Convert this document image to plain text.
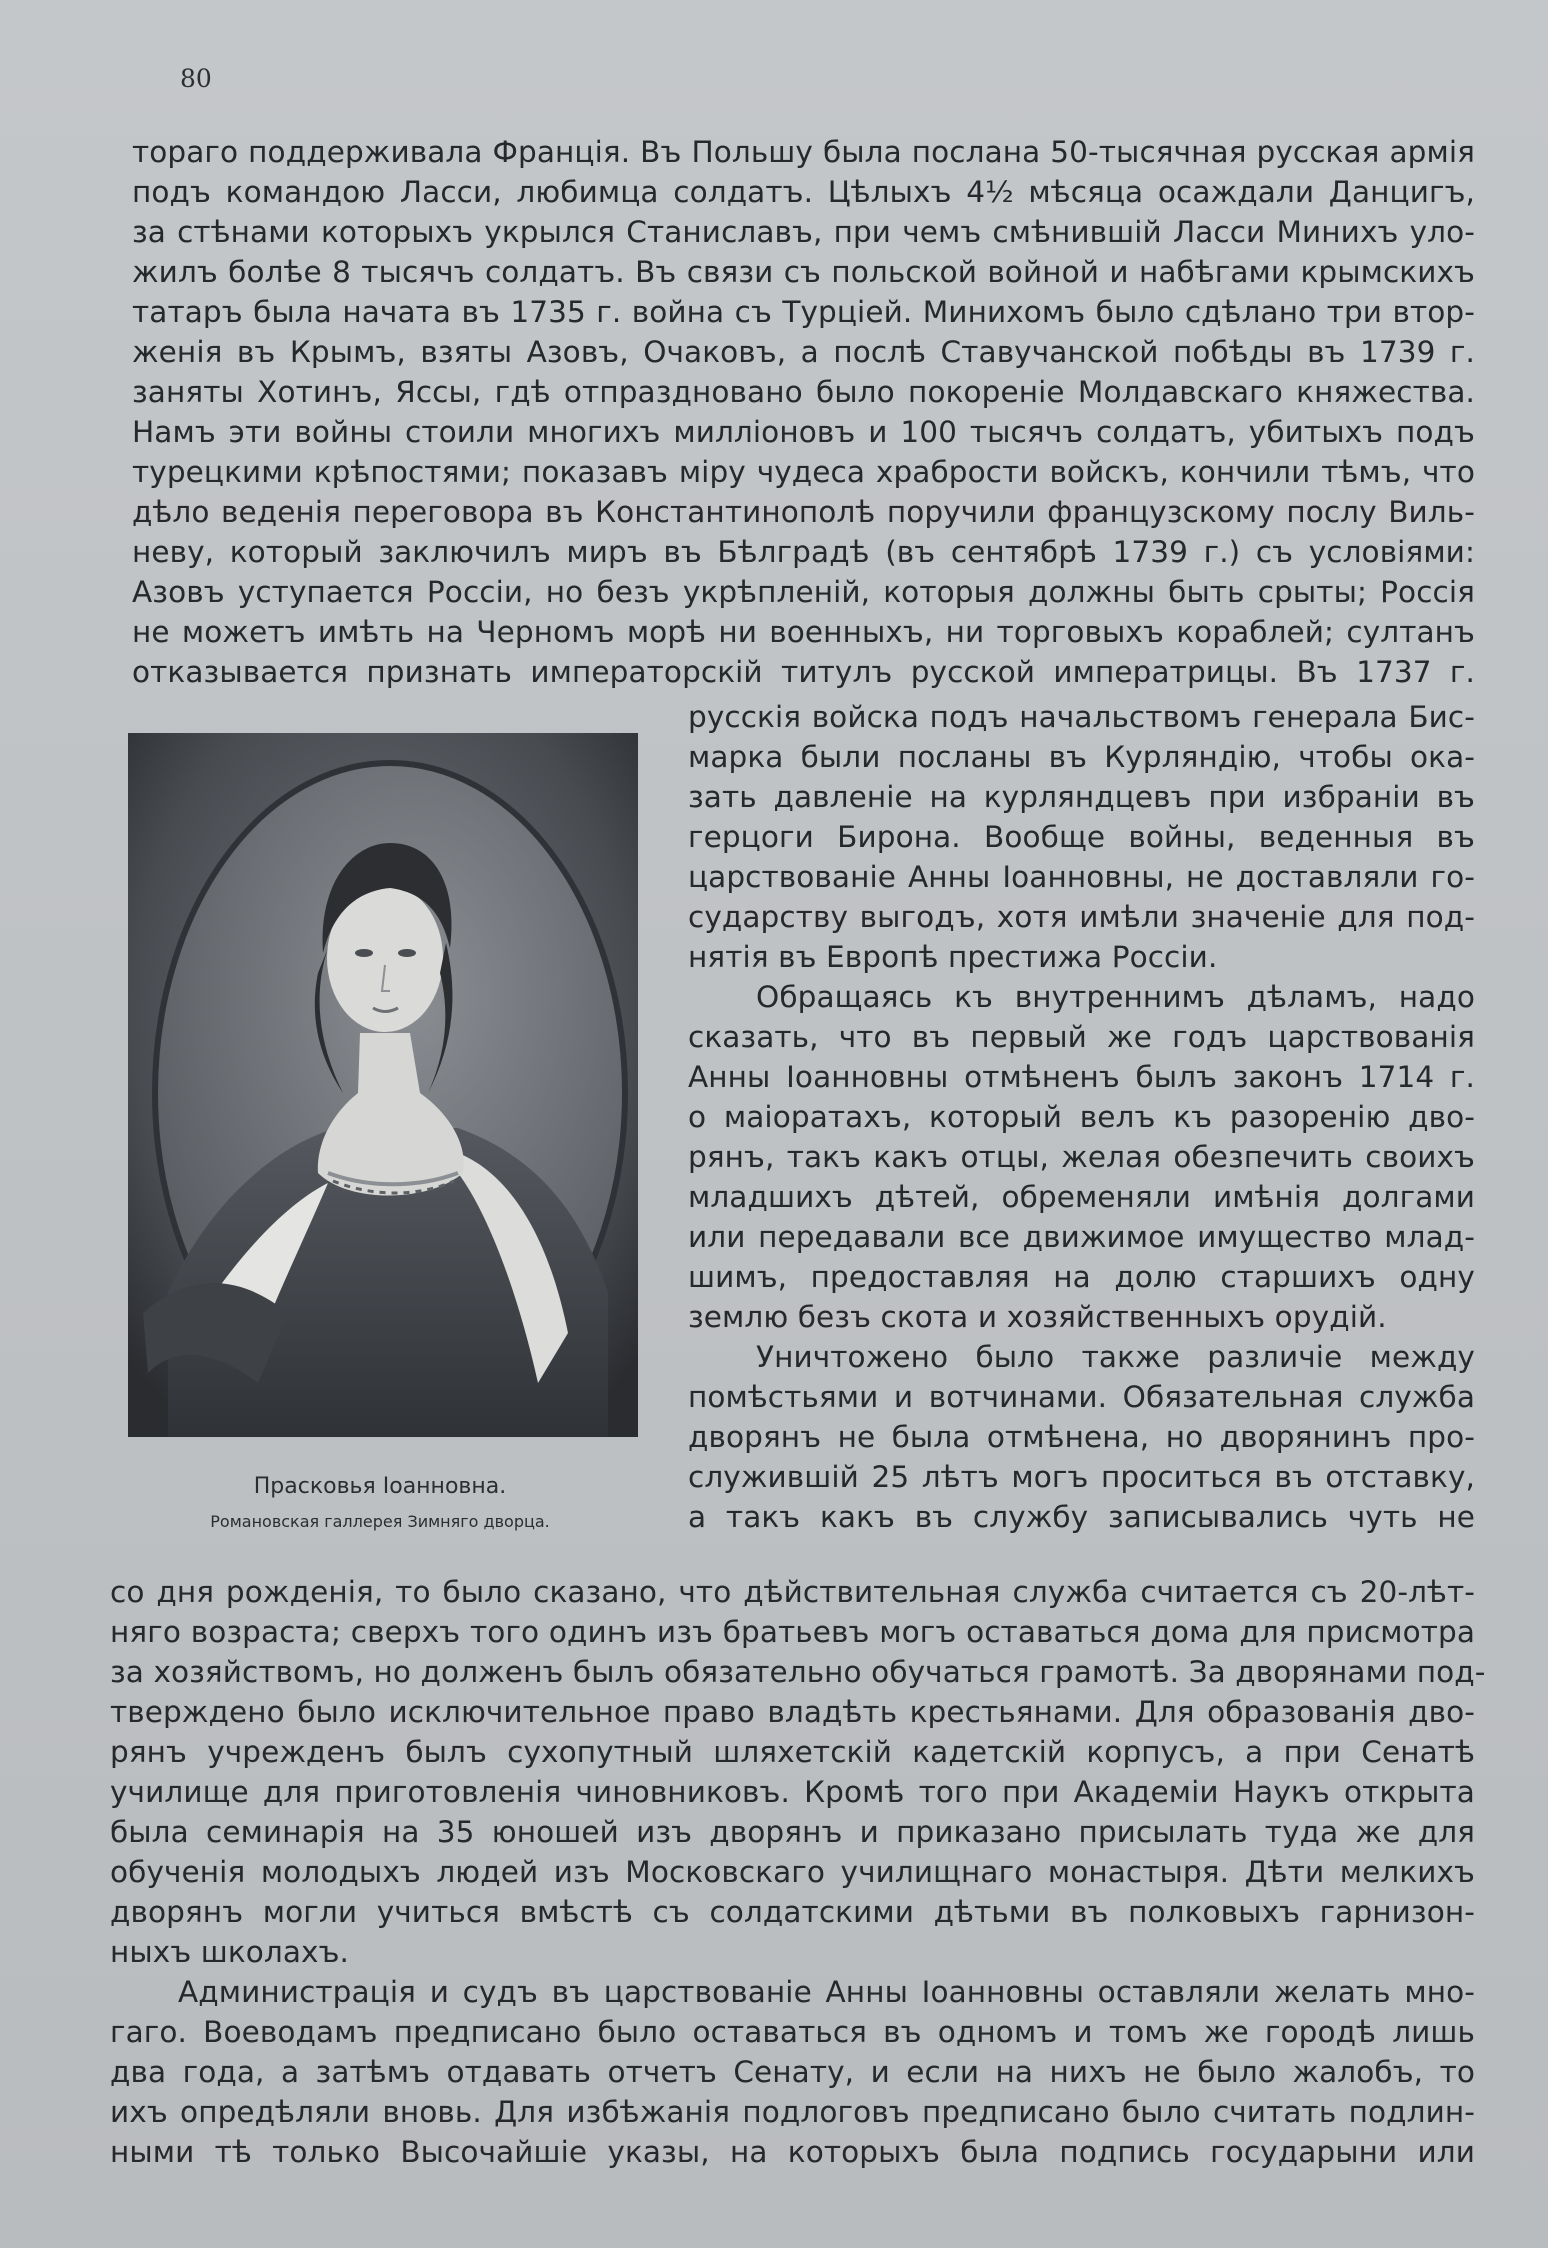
80
тораго поддерживала Франція. Въ Польшу была послана 50-тысячная русская армія
подъ командою Ласси, любимца солдатъ. Цѣлыхъ 4½ мѣсяца осаждали Данцигъ,
за стѣнами которыхъ укрылся Станиславъ, при чемъ смѣнившій Ласси Минихъ уло-
жилъ болѣе 8 тысячъ солдатъ. Въ связи съ польской войной и набѣгами крымскихъ
татаръ была начата въ 1735 г. война съ Турціей. Минихомъ было сдѣлано три втор-
женія въ Крымъ, взяты Азовъ, Очаковъ, а послѣ Ставучанской побѣды въ 1739 г.
заняты Хотинъ, Яссы, гдѣ отпраздновано было покореніе Молдавскаго княжества.
Намъ эти войны стоили многихъ милліоновъ и 100 тысячъ солдатъ, убитыхъ подъ
турецкими крѣпостями; показавъ міру чудеса храбрости войскъ, кончили тѣмъ, что
дѣло веденія переговора въ Константинополѣ поручили французскому послу Виль-
неву, который заключилъ миръ въ Бѣлградѣ (въ сентябрѣ 1739 г.) съ условіями:
Азовъ уступается Россіи, но безъ укрѣпленій, которыя должны быть срыты; Россія
не можетъ имѣть на Черномъ морѣ ни военныхъ, ни торговыхъ кораблей; султанъ
отказывается признать императорскій титулъ русской императрицы. Въ 1737 г.
Прасковья Іоанновна.
Романовская галлерея Зимняго дворца.
русскія войска подъ начальствомъ генерала Бис-
марка были посланы въ Курляндію, чтобы ока-
зать давленіе на курляндцевъ при избраніи въ
герцоги Бирона. Вообще войны, веденныя въ
царствованіе Анны Іоанновны, не доставляли го-
сударству выгодъ, хотя имѣли значеніе для под-
нятія въ Европѣ престижа Россіи.
Обращаясь къ внутреннимъ дѣламъ, надо
сказать, что въ первый же годъ царствованія
Анны Іоанновны отмѣненъ былъ законъ 1714 г.
о маіоратахъ, который велъ къ разоренію дво-
рянъ, такъ какъ отцы, желая обезпечить своихъ
младшихъ дѣтей, обременяли имѣнія долгами
или передавали все движимое имущество млад-
шимъ, предоставляя на долю старшихъ одну
землю безъ скота и хозяйственныхъ орудій.
Уничтожено было также различіе между
помѣстьями и вотчинами. Обязательная служба
дворянъ не была отмѣнена, но дворянинъ про-
служившій 25 лѣтъ могъ проситься въ отставку,
а такъ какъ въ службу записывались чуть не
со дня рожденія, то было сказано, что дѣйствительная служба считается съ 20-лѣт-
няго возраста; сверхъ того одинъ изъ братьевъ могъ оставаться дома для присмотра
за хозяйствомъ, но долженъ былъ обязательно обучаться грамотѣ. За дворянами под-
тверждено было исключительное право владѣть крестьянами. Для образованія дво-
рянъ учрежденъ былъ сухопутный шляхетскій кадетскій корпусъ, а при Сенатѣ
училище для приготовленія чиновниковъ. Кромѣ того при Академіи Наукъ открыта
была семинарія на 35 юношей изъ дворянъ и приказано присылать туда же для
обученія молодыхъ людей изъ Московскаго училищнаго монастыря. Дѣти мелкихъ
дворянъ могли учиться вмѣстѣ съ солдатскими дѣтьми въ полковыхъ гарнизон-
ныхъ школахъ.
Администрація и судъ въ царствованіе Анны Іоанновны оставляли желать мно-
гаго. Воеводамъ предписано было оставаться въ одномъ и томъ же городѣ лишь
два года, а затѣмъ отдавать отчетъ Сенату, и если на нихъ не было жалобъ, то
ихъ опредѣляли вновь. Для избѣжанія подлоговъ предписано было считать подлин-
ными тѣ только Высочайшіе указы, на которыхъ была подпись государыни или
